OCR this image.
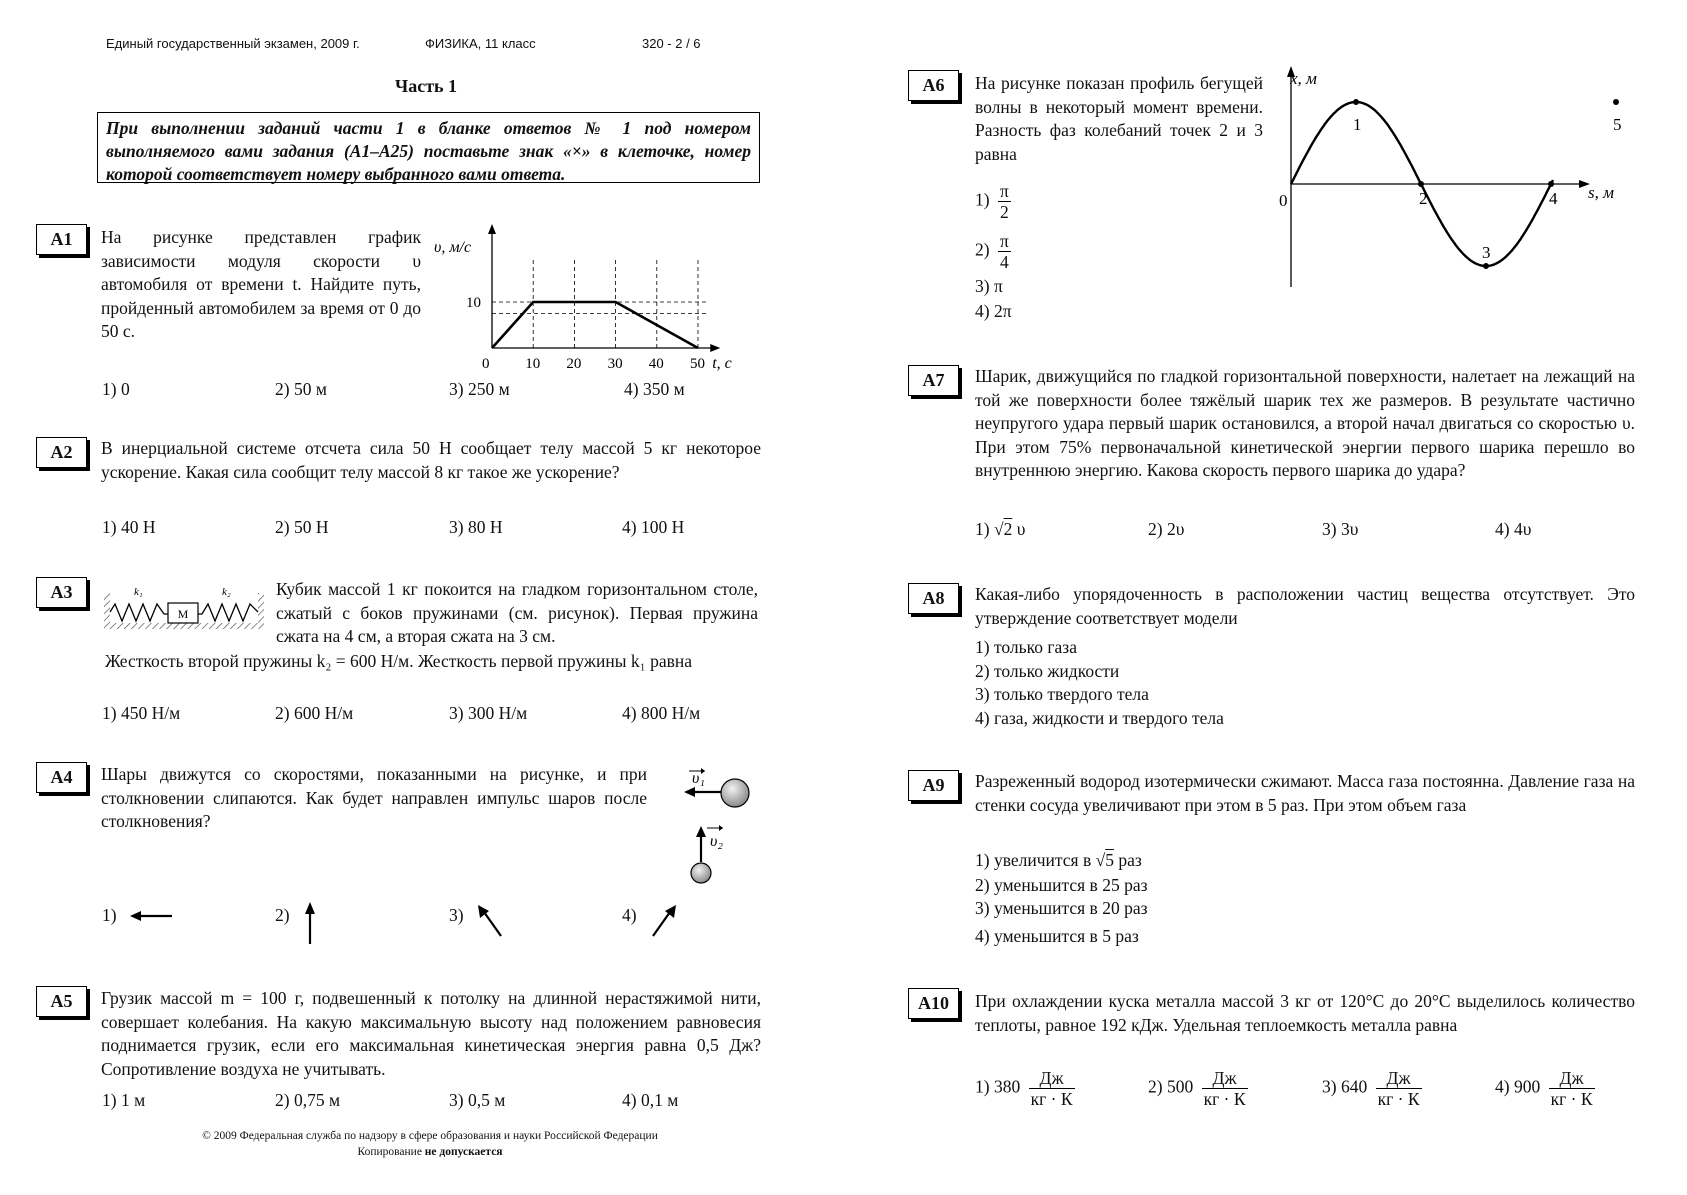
Единый государственный экзамен, 2009 г.	ФИЗИКА, 11 класс	320 - 2 / 6
Часть 1
При выполнении заданий части 1 в бланке ответов № 1 под номером выполняемого вами задания (А1–А25) поставьте знак «×» в клеточке, номер которой соответствует номеру выбранного вами ответа.
А1	На рисунке представлен график зависимости модуля скорости υ автомобиля от времени t. Найдите путь, пройденный автомобилем за время от 0 до 50 с.
0 10 20 30 40 50
10
υ, м/с
t, с
1) 0	2) 50 м	3) 250 м	4) 350 м
А2	В инерциальной системе отсчета сила 50 Н сообщает телу массой 5 кг некоторое ускорение. Какая сила сообщит телу массой 8 кг такое же ускорение?
1) 40 Н	2) 50 Н	3) 80 Н	4) 100 Н
А3
M
k₁	k₂	Кубик массой 1 кг покоится на гладком горизонтальном столе, сжатый с боков пружинами (см. рисунок). Первая пружина сжата на 4 см, а вторая сжата на 3 см.
Жесткость второй пружины k₂ = 600 Н/м. Жесткость первой пружины k₁ равна
1) 450 Н/м	2) 600 Н/м	3) 300 Н/м	4) 800 Н/м
А4	Шары движутся со скоростями, показанными на рисунке, и при столкновении слипаются. Как будет направлен импульс шаров после столкновения?
υ₁
υ₂
1)	2)	3)	4)
А5	Грузик массой m = 100 г, подвешенный к потолку на длинной нерастяжимой нити, совершает колебания. На какую максимальную высоту над положением равновесия поднимается грузик, если его максимальная кинетическая энергия равна 0,5 Дж? Сопротивление воздуха не учитывать.
1) 1 м	2) 0,75 м	3) 0,5 м	4) 0,1 м
© 2009 Федеральная служба по надзору в сфере образования и науки Российской Федерации
Копирование не допускается
А6	На рисунке показан профиль бегущей волны в некоторый момент времени. Разность фаз колебаний точек 2 и 3 равна
$1) \frac{\pi}{2}$
$2) \frac{\pi}{4}$
3) π
4) 2π
1
2
3
4
5
0
x, м
s, м
А7	Шарик, движущийся по гладкой горизонтальной поверхности, налетает на лежащий на той же поверхности более тяжёлый шарик тех же размеров. В результате частично неупругого удара первый шарик остановился, а второй начал двигаться со скоростью υ. При этом 75% первоначальной кинетической энергии первого шарика перешло во внутреннюю энергию. Какова скорость первого шарика до удара?
1) √2 υ	2) 2υ	3) 3υ	4) 4υ
А8	Какая-либо упорядоченность в расположении частиц вещества отсутствует. Это утверждение соответствует модели
1) только газа
2) только жидкости
3) только твердого тела
4) газа, жидкости и твердого тела
А9	Разреженный водород изотермически сжимают. Масса газа постоянна. Давление газа на стенки сосуда увеличивают при этом в 5 раз. При этом объем газа
1) увеличится в √5 раз
2) уменьшится в 25 раз
3) уменьшится в 20 раз
4) уменьшится в 5 раз
А10	При охлаждении куска металла массой 3 кг от 120°С до 20°С выделилось количество теплоты, равное 192 кДж. Удельная теплоемкость металла равна
1) $380 \frac{Дж}{кг \cdot К}$	2) $500 \frac{Дж}{кг \cdot К}$	3) $640 \frac{Дж}{кг \cdot К}$	4) $900 \frac{Дж}{кг \cdot К}$
